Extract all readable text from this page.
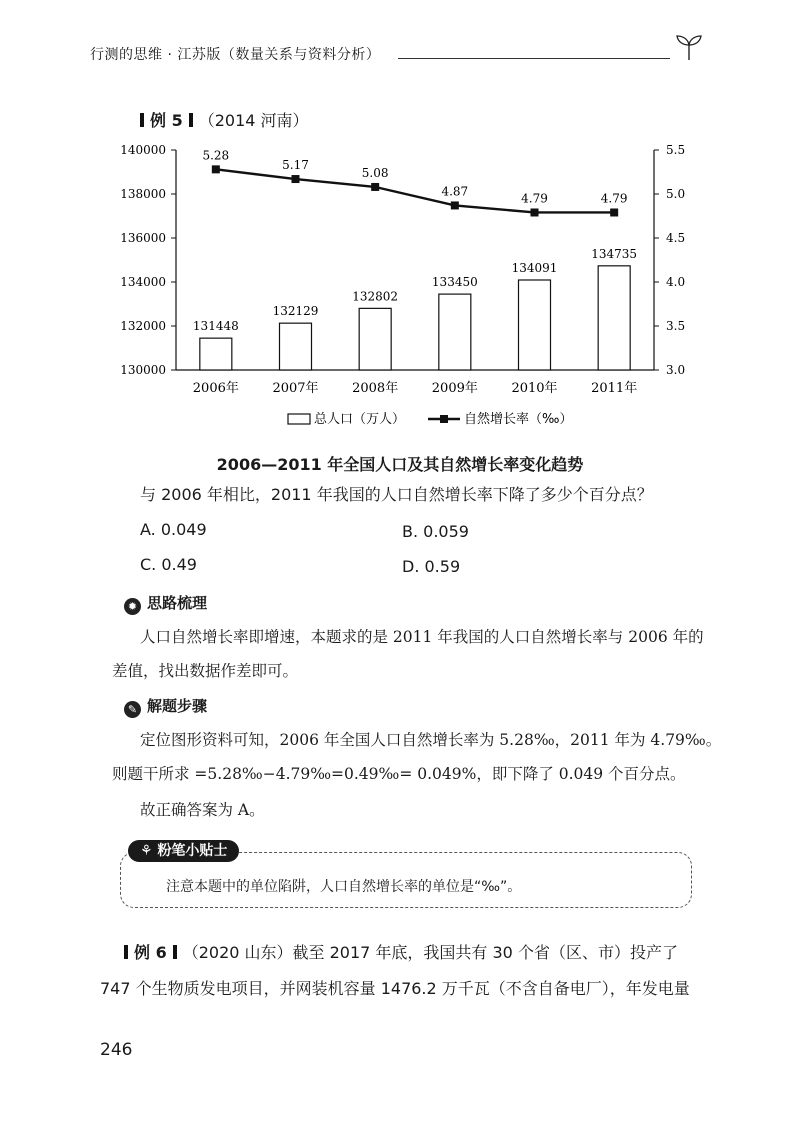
行测的思维 · 江苏版（数量关系与资料分析）
例 5 （2014 河南）
130000
132000
134000
136000
138000
140000
3.0
3.5
4.0
4.5
5.0
5.5
131448
132129
132802
133450
134091
134735
5.28
5.17
5.08
4.87
4.79	4.79
2006年	2007年	2008年	2009年	2010年	2011年
总人口（万人）	自然增长率（‰）
2006—2011 年全国人口及其自然增长率变化趋势
与 2006 年相比，2011 年我国的人口自然增长率下降了多少个百分点？
A. 0.049	B. 0.059
C. 0.49	D. 0.59
✹ 思路梳理
人口自然增长率即增速，本题求的是 2011 年我国的人口自然增长率与 2006 年的
差值，找出数据作差即可。
✎ 解题步骤
定位图形资料可知，2006 年全国人口自然增长率为 5.28‰，2011 年为 4.79‰。
则题干所求 =5.28‰−4.79‰=0.49‰= 0.049%，即下降了 0.049 个百分点。
故正确答案为 A。
⚘ 粉笔小贴士
注意本题中的单位陷阱，人口自然增长率的单位是“‰”。
例 6 （2020 山东）截至 2017 年底，我国共有 30 个省（区、市）投产了
747 个生物质发电项目，并网装机容量 1476.2 万千瓦（不含自备电厂），年发电量
246
